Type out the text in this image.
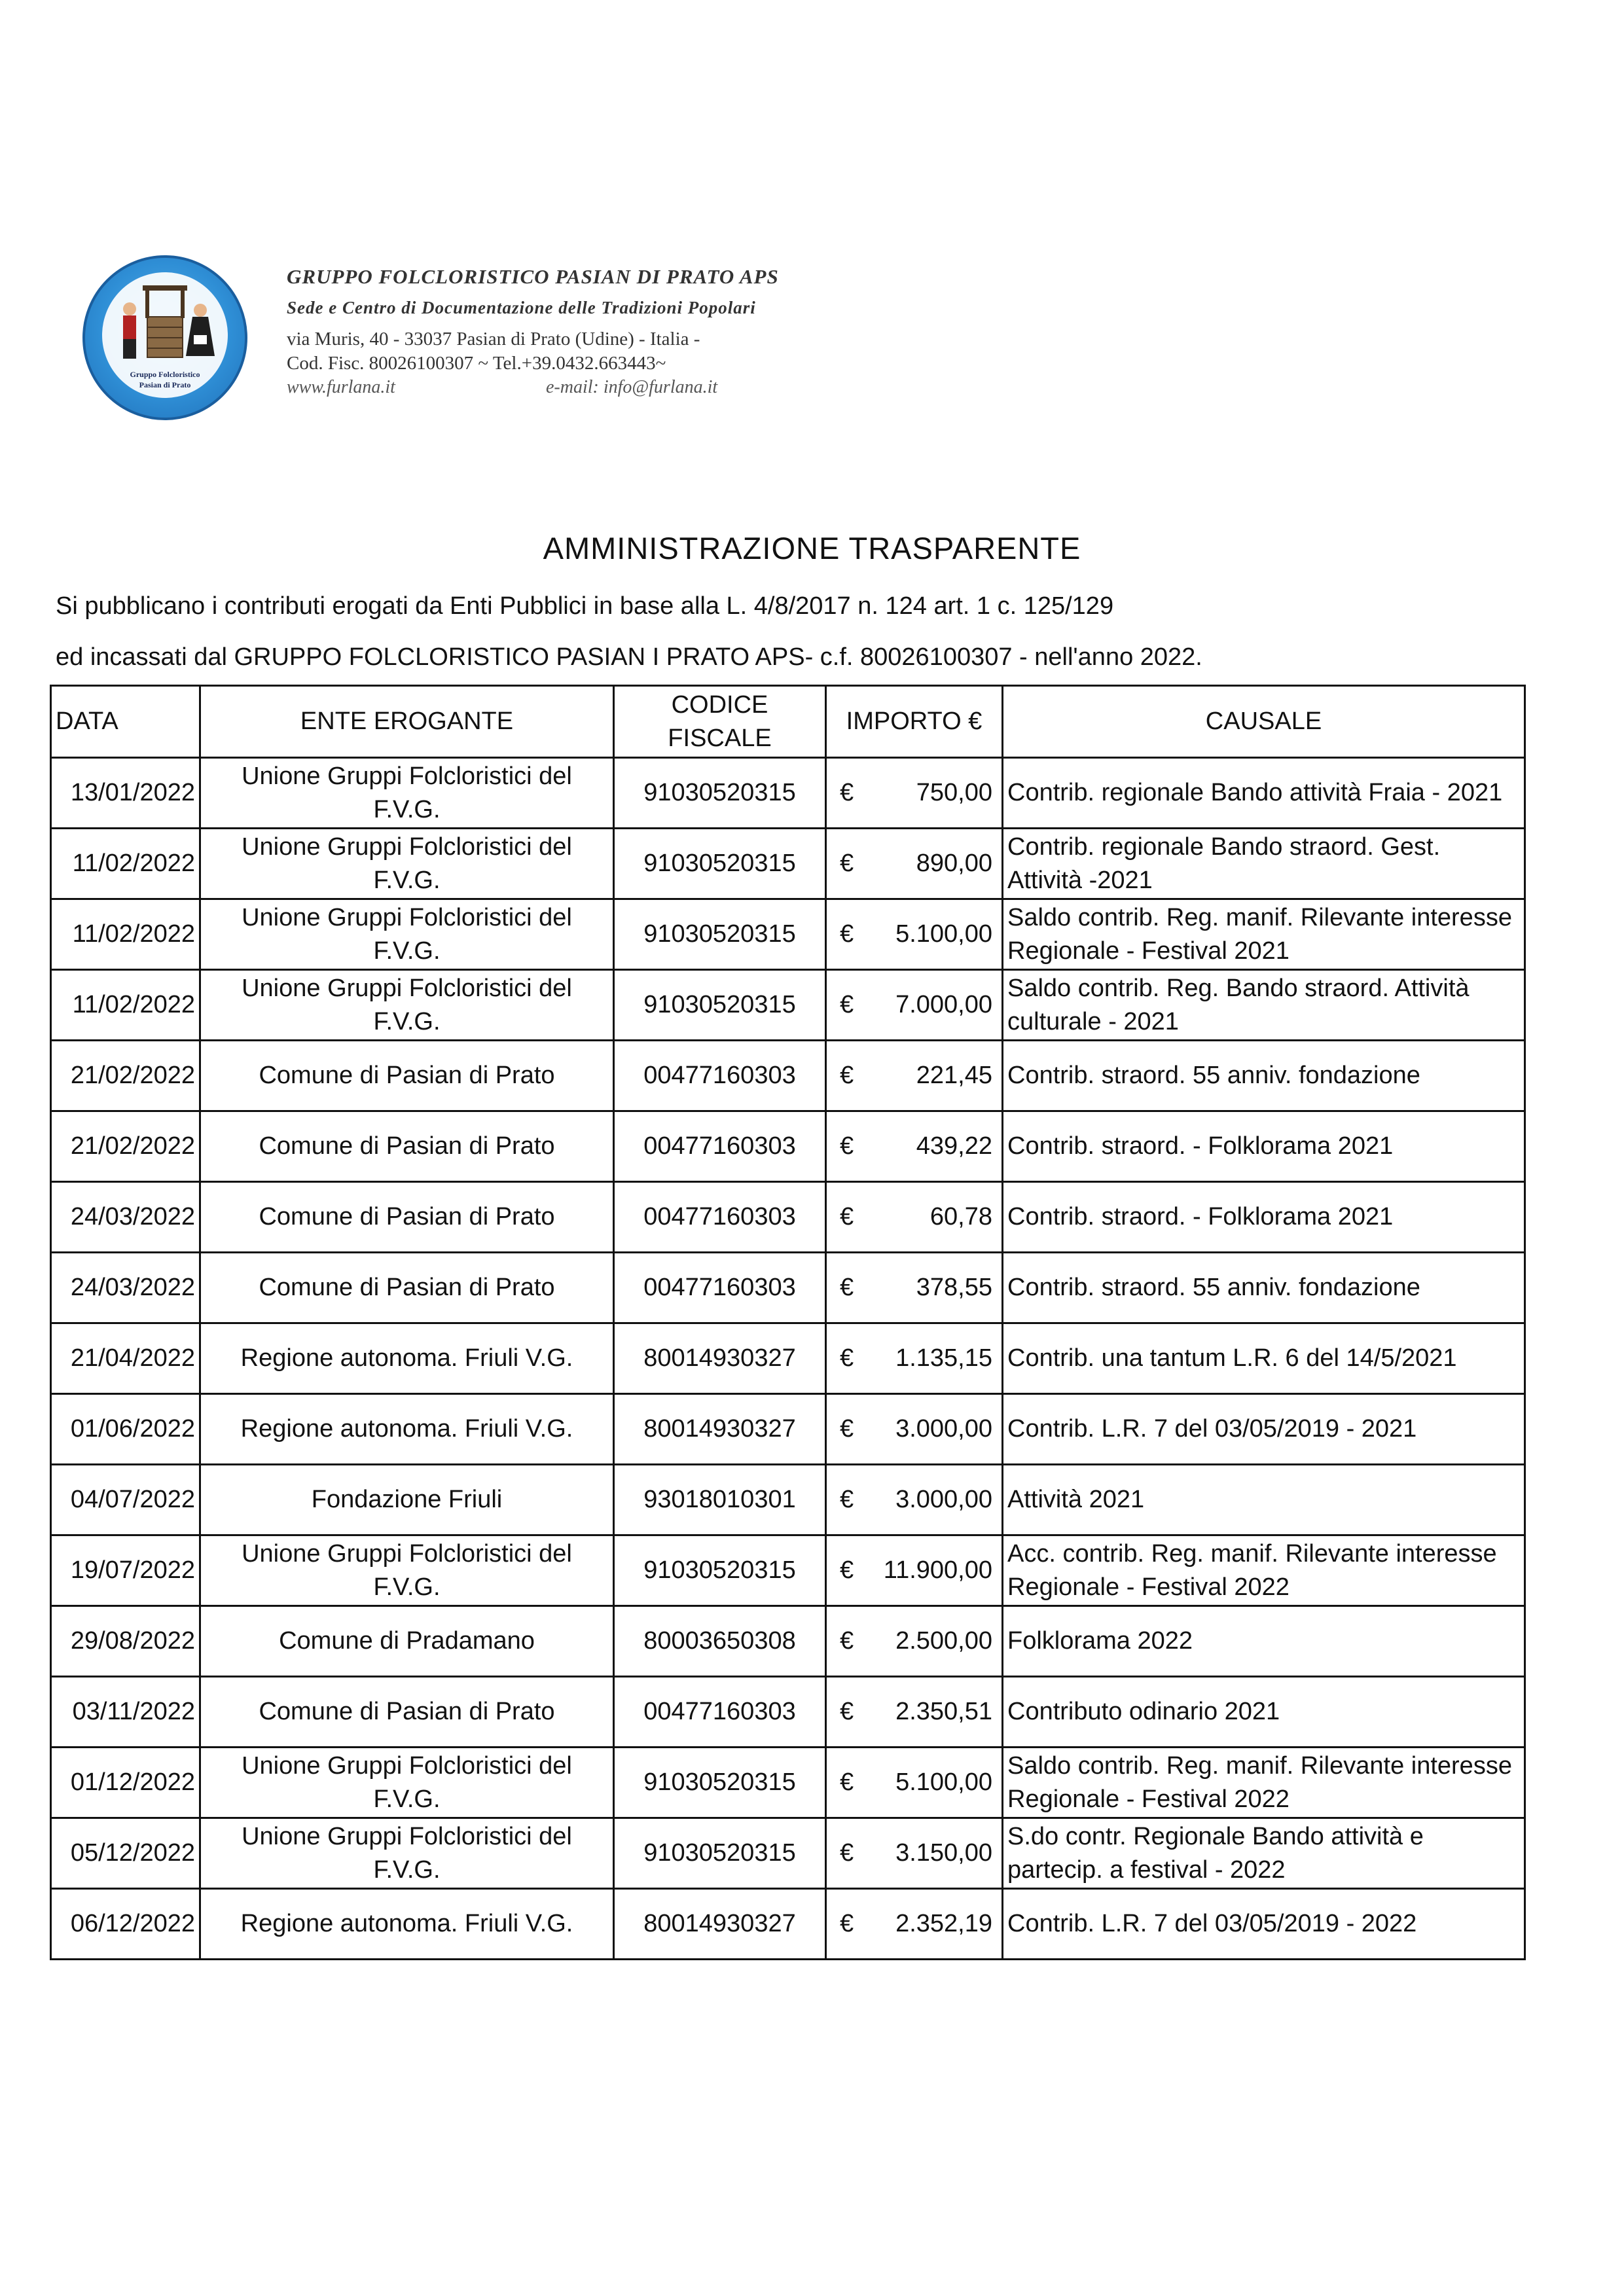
Gruppo Folcloristico
Pasian di Prato
GRUPPO FOLCLORISTICO PASIAN DI PRATO APS
Sede e Centro di Documentazione delle Tradizioni Popolari
via Muris, 40 - 33037 Pasian di Prato (Udine) - Italia -
Cod. Fisc. 80026100307 ~ Tel.+39.0432.663443~
www.furlana.it	e-mail: info@furlana.it
AMMINISTRAZIONE TRASPARENTE
Si pubblicano i contributi erogati da Enti Pubblici in base alla L. 4/8/2017 n. 124 art. 1 c. 125/129
ed incassati dal GRUPPO FOLCLORISTICO PASIAN I PRATO APS- c.f. 80026100307 - nell'anno 2022.
DATA	ENTE EROGANTE	CODICE FISCALE	IMPORTO €	CAUSALE
13/01/2022	Unione Gruppi Folcloristici del F.V.G.	91030520315	€ 750,00	Contrib. regionale Bando attività Fraia - 2021
11/02/2022	Unione Gruppi Folcloristici del F.V.G.	91030520315	€ 890,00	Contrib. regionale Bando straord. Gest. Attività -2021
11/02/2022	Unione Gruppi Folcloristici del F.V.G.	91030520315	€ 5.100,00	Saldo contrib. Reg. manif. Rilevante interesse Regionale - Festival 2021
11/02/2022	Unione Gruppi Folcloristici del F.V.G.	91030520315	€ 7.000,00	Saldo contrib. Reg. Bando straord. Attività culturale - 2021
21/02/2022	Comune di Pasian di Prato	00477160303	€ 221,45	Contrib. straord. 55 anniv. fondazione
21/02/2022	Comune di Pasian di Prato	00477160303	€ 439,22	Contrib. straord. - Folklorama 2021
24/03/2022	Comune di Pasian di Prato	00477160303	€ 60,78	Contrib. straord. - Folklorama 2021
24/03/2022	Comune di Pasian di Prato	00477160303	€ 378,55	Contrib. straord. 55 anniv. fondazione
21/04/2022	Regione autonoma. Friuli V.G.	80014930327	€ 1.135,15	Contrib. una tantum L.R. 6 del 14/5/2021
01/06/2022	Regione autonoma. Friuli V.G.	80014930327	€ 3.000,00	Contrib. L.R. 7 del 03/05/2019 - 2021
04/07/2022	Fondazione Friuli	93018010301	€ 3.000,00	Attività 2021
19/07/2022	Unione Gruppi Folcloristici del F.V.G.	91030520315	€ 11.900,00	Acc. contrib. Reg. manif. Rilevante interesse Regionale - Festival 2022
29/08/2022	Comune di Pradamano	80003650308	€ 2.500,00	Folklorama 2022
03/11/2022	Comune di Pasian di Prato	00477160303	€ 2.350,51	Contributo odinario 2021
01/12/2022	Unione Gruppi Folcloristici del F.V.G.	91030520315	€ 5.100,00	Saldo contrib. Reg. manif. Rilevante interesse Regionale - Festival 2022
05/12/2022	Unione Gruppi Folcloristici del F.V.G.	91030520315	€ 3.150,00	S.do contr. Regionale Bando attività e partecip. a festival - 2022
06/12/2022	Regione autonoma. Friuli V.G.	80014930327	€ 2.352,19	Contrib. L.R. 7 del 03/05/2019 - 2022
